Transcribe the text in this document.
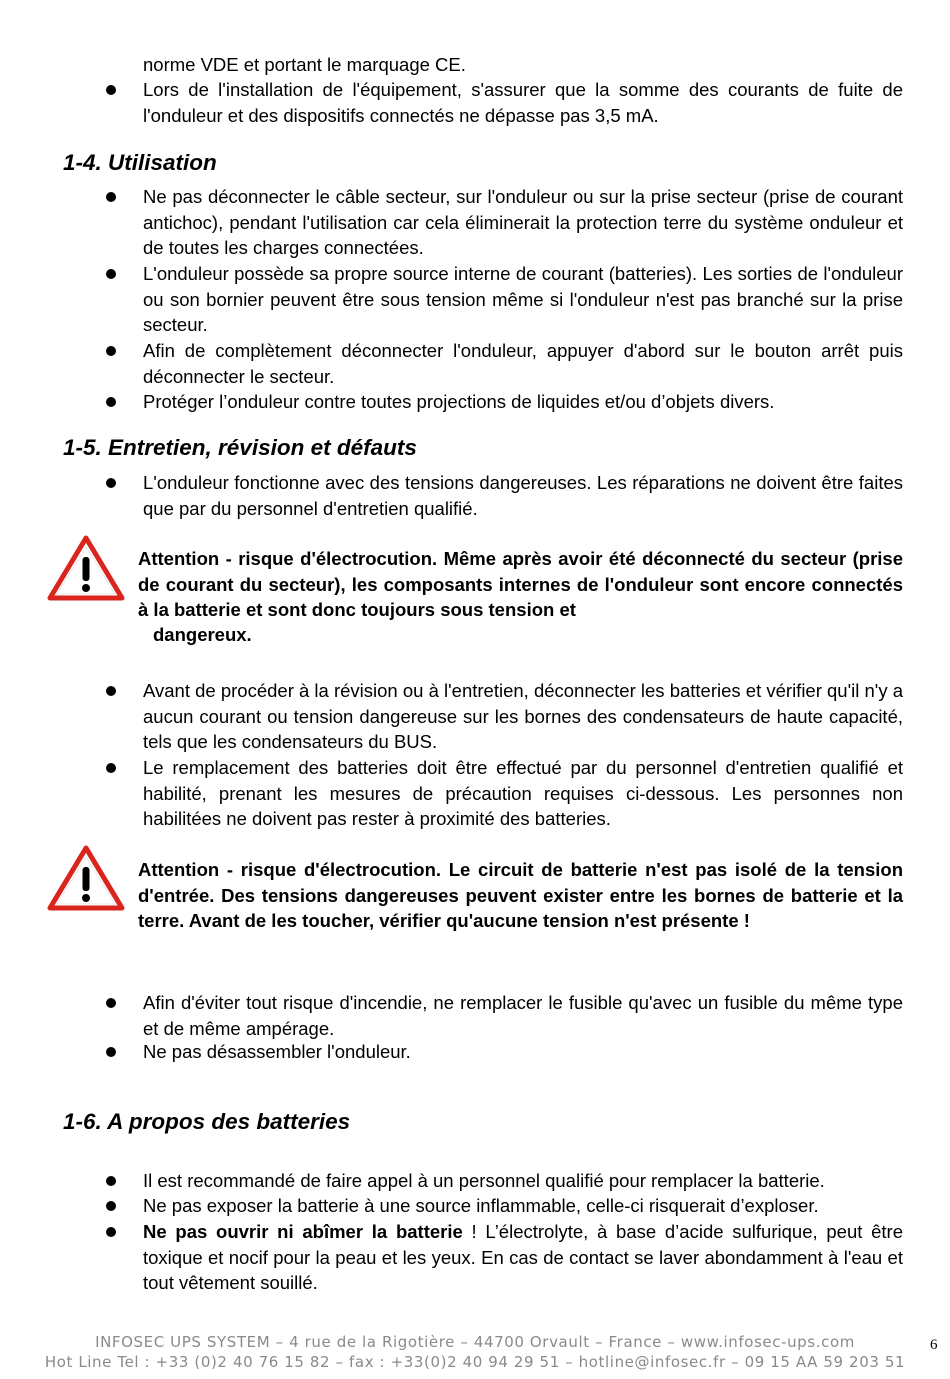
norme VDE et portant le marquage CE.
Lors de l'installation de l'équipement, s'assurer que la somme des courants de fuite de l'onduleur et des dispositifs connectés ne dépasse pas 3,5 mA.
1-4. Utilisation
Ne pas déconnecter le câble secteur, sur l'onduleur ou sur la prise secteur (prise de courant antichoc), pendant l'utilisation car cela éliminerait la protection terre du système onduleur et de toutes les charges connectées.
L'onduleur possède sa propre source interne de courant (batteries). Les sorties de l'onduleur ou son bornier peuvent être sous tension même si l'onduleur n'est pas branché sur la prise secteur.
Afin de complètement déconnecter l'onduleur, appuyer d'abord sur le bouton arrêt puis déconnecter le secteur.
Protéger l’onduleur contre toutes projections de liquides et/ou d’objets divers.
1-5. Entretien, révision et défauts
L'onduleur fonctionne avec des tensions dangereuses. Les réparations ne doivent être faites que par du personnel d'entretien qualifié.
Attention - risque d'électrocution. Même après avoir été déconnecté du secteur (prise de courant du secteur), les composants internes de l'onduleur sont encore connectés à la batterie et sont donc toujours sous tension et
dangereux.
Avant de procéder à la révision ou à l'entretien, déconnecter les batteries et vérifier qu'il n'y a aucun courant ou tension dangereuse sur les bornes des condensateurs de haute capacité, tels que les condensateurs du BUS.
Le remplacement des batteries doit être effectué par du personnel d'entretien qualifié et habilité, prenant les mesures de précaution requises ci-dessous. Les personnes non habilitées ne doivent pas rester à proximité des batteries.
Attention - risque d'électrocution. Le circuit de batterie n'est pas isolé de la tension d'entrée. Des tensions dangereuses peuvent exister entre les bornes de batterie et la terre. Avant de les toucher, vérifier qu'aucune tension n'est présente !
Afin d'éviter tout risque d'incendie, ne remplacer le fusible qu'avec un fusible du même type et de même ampérage.
Ne pas désassembler l'onduleur.
1-6. A propos des batteries
Il est recommandé de faire appel à un personnel qualifié pour remplacer la batterie.
Ne pas exposer la batterie à une source inflammable, celle-ci risquerait d’exploser.
Ne pas ouvrir ni abîmer la batterie ! L’électrolyte, à base d’acide sulfurique, peut être toxique et nocif pour la peau et les yeux. En cas de contact se laver abondamment à l'eau et tout vêtement souillé.
INFOSEC UPS SYSTEM – 4 rue de la Rigotière – 44700 Orvault – France – www.infosec-ups.com
Hot Line Tel : +33 (0)2 40 76 15 82 – fax : +33(0)2 40 94 29 51 – hotline@infosec.fr – 09 15 AA 59 203 51
6
